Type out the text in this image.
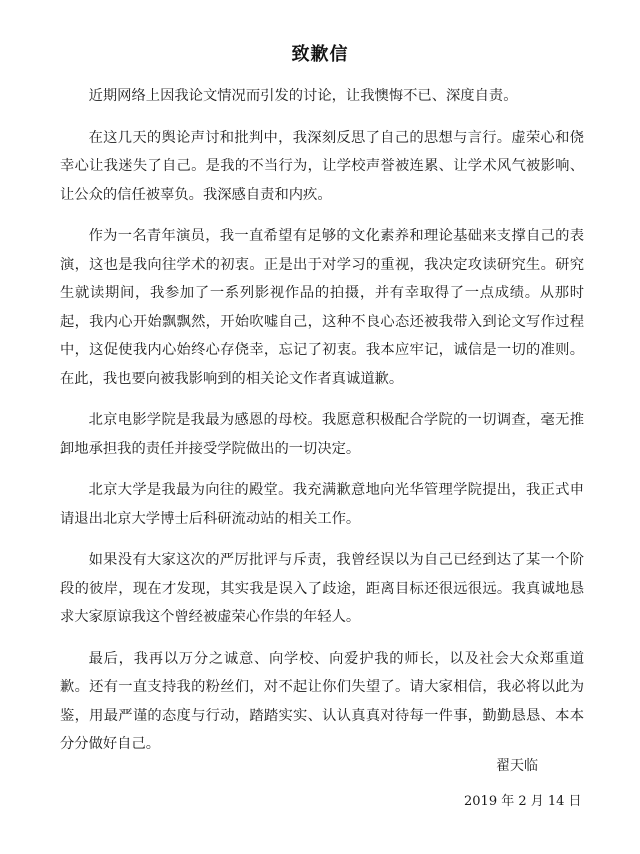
致歉信

近期网络上因我论文情况而引发的讨论，让我懊悔不已、深度自责。

在这几天的舆论声讨和批判中，我深刻反思了自己的思想与言行。虚荣心和侥幸心让我迷失了自己。是我的不当行为，让学校声誉被连累、让学术风气被影响、让公众的信任被辜负。我深感自责和内疚。

作为一名青年演员，我一直希望有足够的文化素养和理论基础来支撑自己的表演，这也是我向往学术的初衷。正是出于对学习的重视，我决定攻读研究生。研究生就读期间，我参加了一系列影视作品的拍摄，并有幸取得了一点成绩。从那时起，我内心开始飘飘然，开始吹嘘自己，这种不良心态还被我带入到论文写作过程中，这促使我内心始终心存侥幸，忘记了初衷。我本应牢记，诚信是一切的准则。在此，我也要向被我影响到的相关论文作者真诚道歉。

北京电影学院是我最为感恩的母校。我愿意积极配合学院的一切调查，毫无推卸地承担我的责任并接受学院做出的一切决定。

北京大学是我最为向往的殿堂。我充满歉意地向光华管理学院提出，我正式申请退出北京大学博士后科研流动站的相关工作。

如果没有大家这次的严厉批评与斥责，我曾经误以为自己已经到达了某一个阶段的彼岸，现在才发现，其实我是误入了歧途，距离目标还很远很远。我真诚地恳求大家原谅我这个曾经被虚荣心作祟的年轻人。

最后，我再以万分之诚意、向学校、向爱护我的师长，以及社会大众郑重道歉。还有一直支持我的粉丝们，对不起让你们失望了。请大家相信，我必将以此为鉴，用最严谨的态度与行动，踏踏实实、认认真真对待每一件事，勤勤恳恳、本本分分做好自己。

翟天临
2019 年 2 月 14 日
